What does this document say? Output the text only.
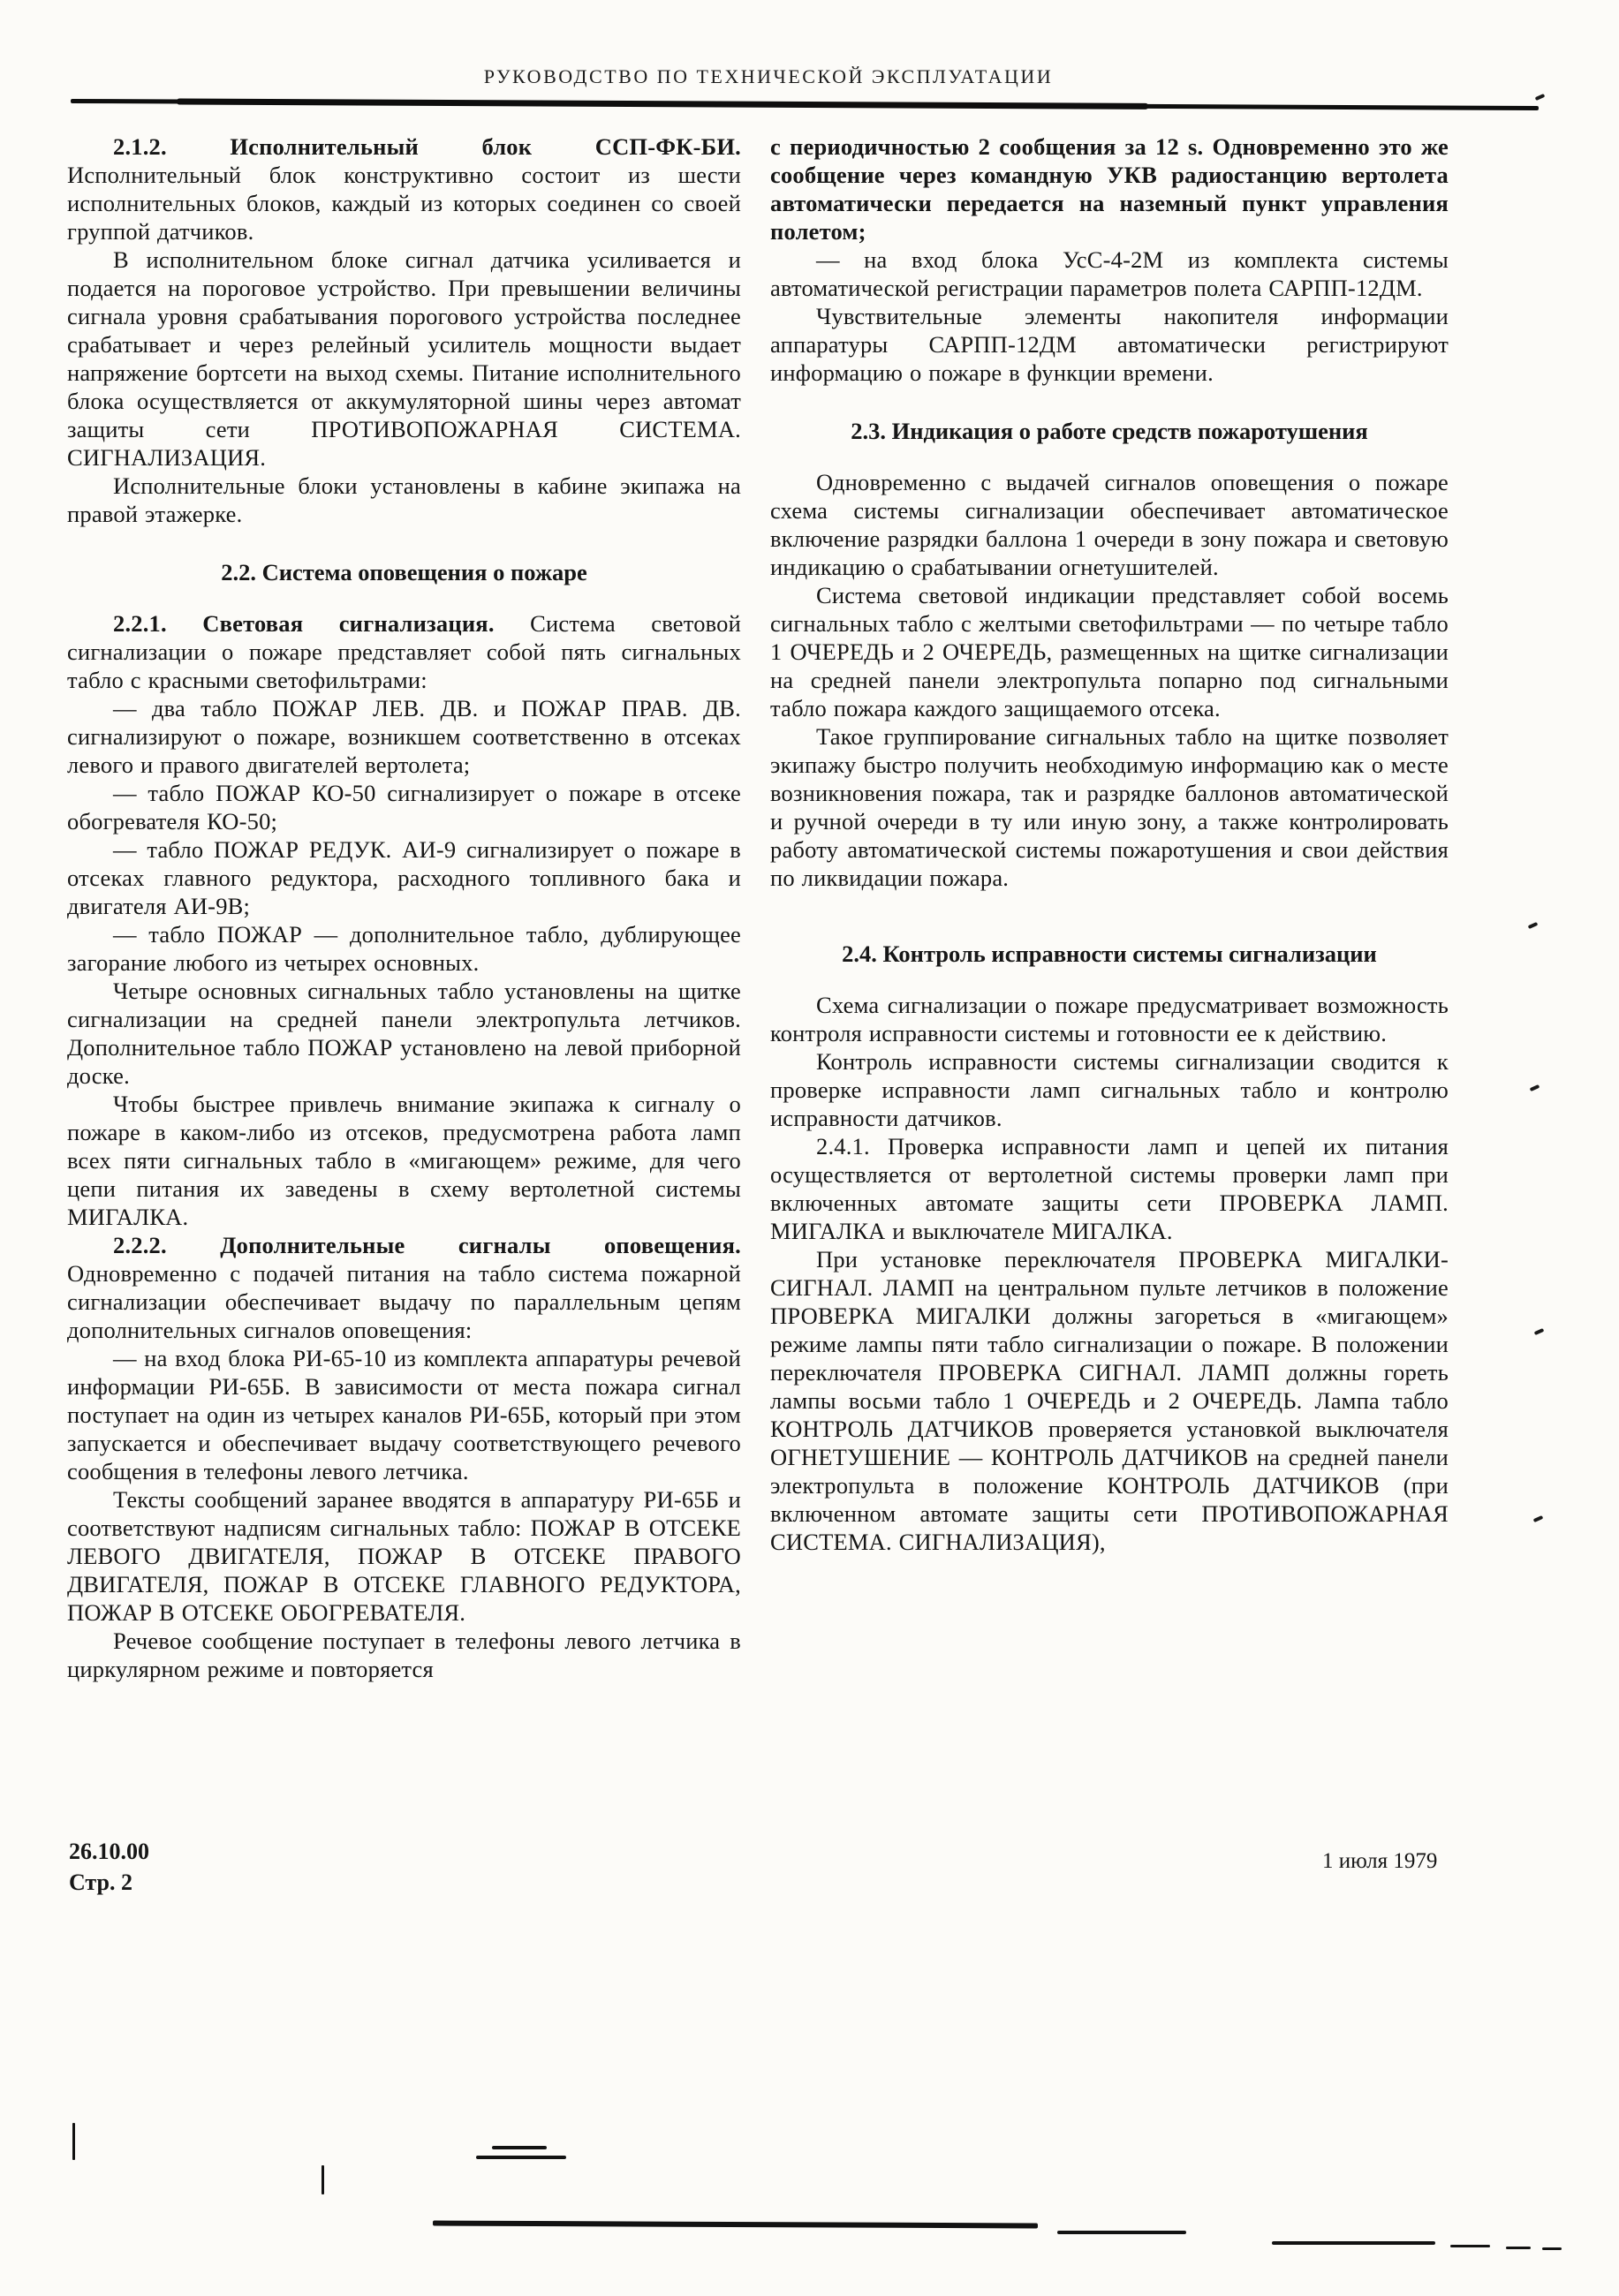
РУКОВОДСТВО ПО ТЕХНИЧЕСКОЙ ЭКСПЛУАТАЦИИ

2.1.2. Исполнительный блок ССП-ФК-БИ. Исполнительный блок конструктивно состоит из шести исполнительных блоков, каждый из которых соединен со своей группой датчиков.

В исполнительном блоке сигнал датчика усиливается и подается на пороговое устройство. При превышении величины сигнала уровня срабатывания порогового устройства последнее срабатывает и через релейный усилитель мощности выдает напряжение бортсети на выход схемы. Питание исполнительного блока осуществляется от аккумуляторной шины через автомат защиты сети ПРОТИВОПОЖАРНАЯ СИСТЕМА. СИГНАЛИЗАЦИЯ.

Исполнительные блоки установлены в кабине экипажа на правой этажерке.

2.2. Система оповещения о пожаре

2.2.1. Световая сигнализация. Система световой сигнализации о пожаре представляет собой пять сигнальных табло с красными светофильтрами:

— два табло ПОЖАР ЛЕВ. ДВ. и ПОЖАР ПРАВ. ДВ. сигнализируют о пожаре, возникшем соответственно в отсеках левого и правого двигателей вертолета;

— табло ПОЖАР КО-50 сигнализирует о пожаре в отсеке обогревателя КО-50;

— табло ПОЖАР РЕДУК. АИ-9 сигнализирует о пожаре в отсеках главного редуктора, расходного топливного бака и двигателя АИ-9В;

— табло ПОЖАР — дополнительное табло, дублирующее загорание любого из четырех основных.

Четыре основных сигнальных табло установлены на щитке сигнализации на средней панели электропульта летчиков. Дополнительное табло ПОЖАР установлено на левой приборной доске.

Чтобы быстрее привлечь внимание экипажа к сигналу о пожаре в каком-либо из отсеков, предусмотрена работа ламп всех пяти сигнальных табло в «мигающем» режиме, для чего цепи питания их заведены в схему вертолетной системы МИГАЛКА.

2.2.2. Дополнительные сигналы оповещения. Одновременно с подачей питания на табло система пожарной сигнализации обеспечивает выдачу по параллельным цепям дополнительных сигналов оповещения:

— на вход блока РИ-65-10 из комплекта аппаратуры речевой информации РИ-65Б. В зависимости от места пожара сигнал поступает на один из четырех каналов РИ-65Б, который при этом запускается и обеспечивает выдачу соответствующего речевого сообщения в телефоны левого летчика.

Тексты сообщений заранее вводятся в аппаратуру РИ-65Б и соответствуют надписям сигнальных табло: ПОЖАР В ОТСЕКЕ ЛЕВОГО ДВИГАТЕЛЯ, ПОЖАР В ОТСЕКЕ ПРАВОГО ДВИГАТЕЛЯ, ПОЖАР В ОТСЕКЕ ГЛАВНОГО РЕДУКТОРА, ПОЖАР В ОТСЕКЕ ОБОГРЕВАТЕЛЯ.

Речевое сообщение поступает в телефоны левого летчика в циркулярном режиме и повторяется

с периодичностью 2 сообщения за 12 s. Одновременно это же сообщение через командную УКВ радиостанцию вертолета автоматически передается на наземный пункт управления полетом;

— на вход блока УсС-4-2М из комплекта системы автоматической регистрации параметров полета САРПП-12ДМ.

Чувствительные элементы накопителя информации аппаратуры САРПП-12ДМ автоматически регистрируют информацию о пожаре в функции времени.

2.3. Индикация о работе средств пожаротушения

Одновременно с выдачей сигналов оповещения о пожаре схема системы сигнализации обеспечивает автоматическое включение разрядки баллона 1 очереди в зону пожара и световую индикацию о срабатывании огнетушителей.

Система световой индикации представляет собой восемь сигнальных табло с желтыми светофильтрами — по четыре табло 1 ОЧЕРЕДЬ и 2 ОЧЕРЕДЬ, размещенных на щитке сигнализации на средней панели электропульта попарно под сигнальными табло пожара каждого защищаемого отсека.

Такое группирование сигнальных табло на щитке позволяет экипажу быстро получить необходимую информацию как о месте возникновения пожара, так и разрядке баллонов автоматической и ручной очереди в ту или иную зону, а также контролировать работу автоматической системы пожаротушения и свои действия по ликвидации пожара.

2.4. Контроль исправности системы сигнализации

Схема сигнализации о пожаре предусматривает возможность контроля исправности системы и готовности ее к действию.

Контроль исправности системы сигнализации сводится к проверке исправности ламп сигнальных табло и контролю исправности датчиков.

2.4.1. Проверка исправности ламп и цепей их питания осуществляется от вертолетной системы проверки ламп при включенных автомате защиты сети ПРОВЕРКА ЛАМП. МИГАЛКА и выключателе МИГАЛКА.

При установке переключателя ПРОВЕРКА МИГАЛКИ-СИГНАЛ. ЛАМП на центральном пульте летчиков в положение ПРОВЕРКА МИГАЛКИ должны загореться в «мигающем» режиме лампы пяти табло сигнализации о пожаре. В положении переключателя ПРОВЕРКА СИГНАЛ. ЛАМП должны гореть лампы восьми табло 1 ОЧЕРЕДЬ и 2 ОЧЕРЕДЬ. Лампа табло КОНТРОЛЬ ДАТЧИКОВ проверяется установкой выключателя ОГНЕТУШЕНИЕ — КОНТРОЛЬ ДАТЧИКОВ на средней панели электропульта в положение КОНТРОЛЬ ДАТЧИКОВ (при включенном автомате защиты сети ПРОТИВОПОЖАРНАЯ СИСТЕМА. СИГНАЛИЗАЦИЯ),

26.10.00
Стр. 2
1 июля 1979
